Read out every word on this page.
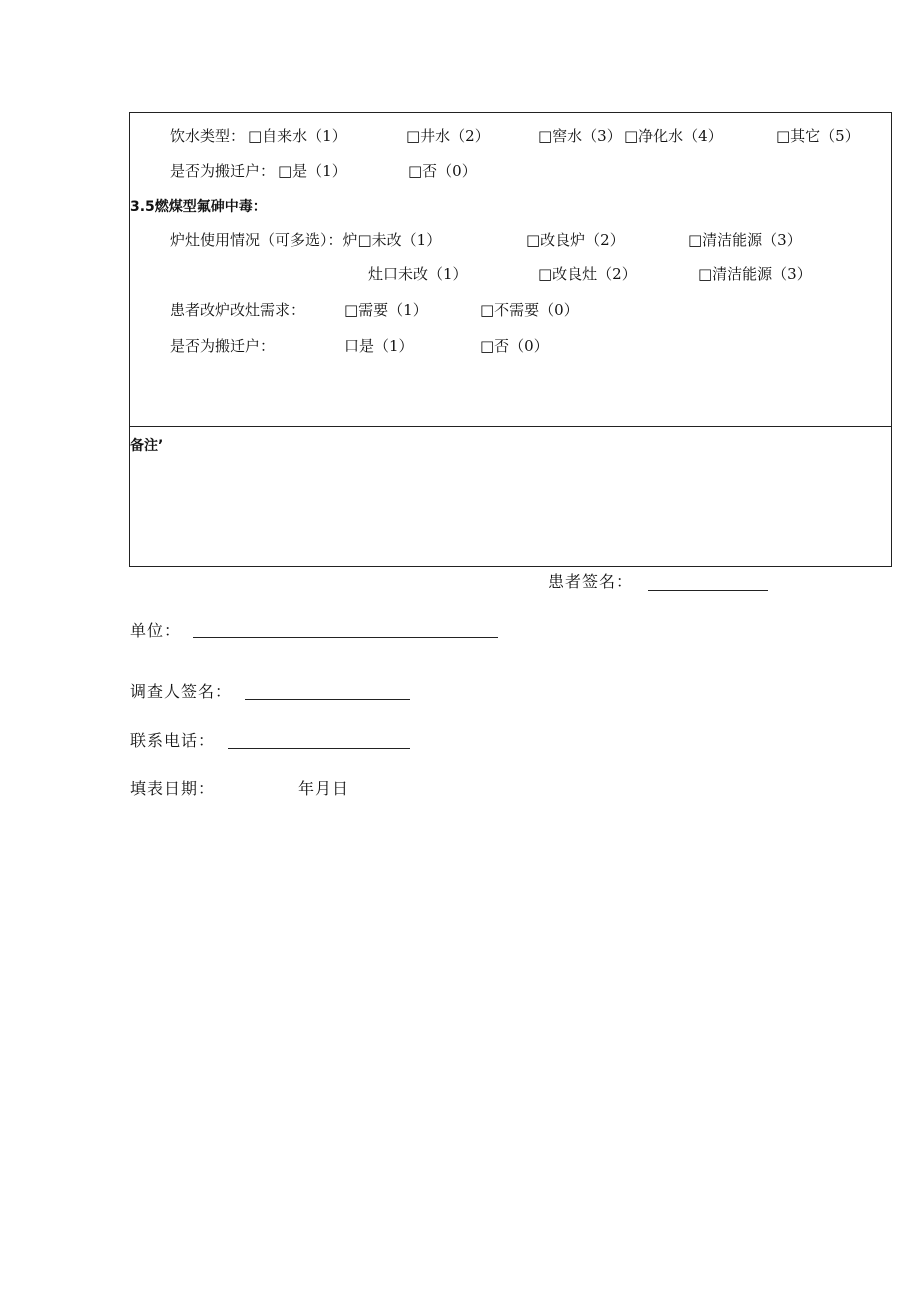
饮水类型： □自来水（1）	□井水（2）	□窖水（3） □净化水（4）	□其它（5）
是否为搬迁户： □是（1）	□否（0）
3.5燃煤型氟砷中毒：
炉灶使用情况（可多选）：炉□未改（1）	□改良炉（2）	□清洁能源（3）
灶口未改（1）	□改良灶（2）	□清洁能源（3）
患者改炉改灶需求：	□需要（1）	□不需要（0）
是否为搬迁户：	口是（1）	□否（0）
备注’
患者签名：
单位：
调查人签名：
联系电话：
填表日期：	年月日
